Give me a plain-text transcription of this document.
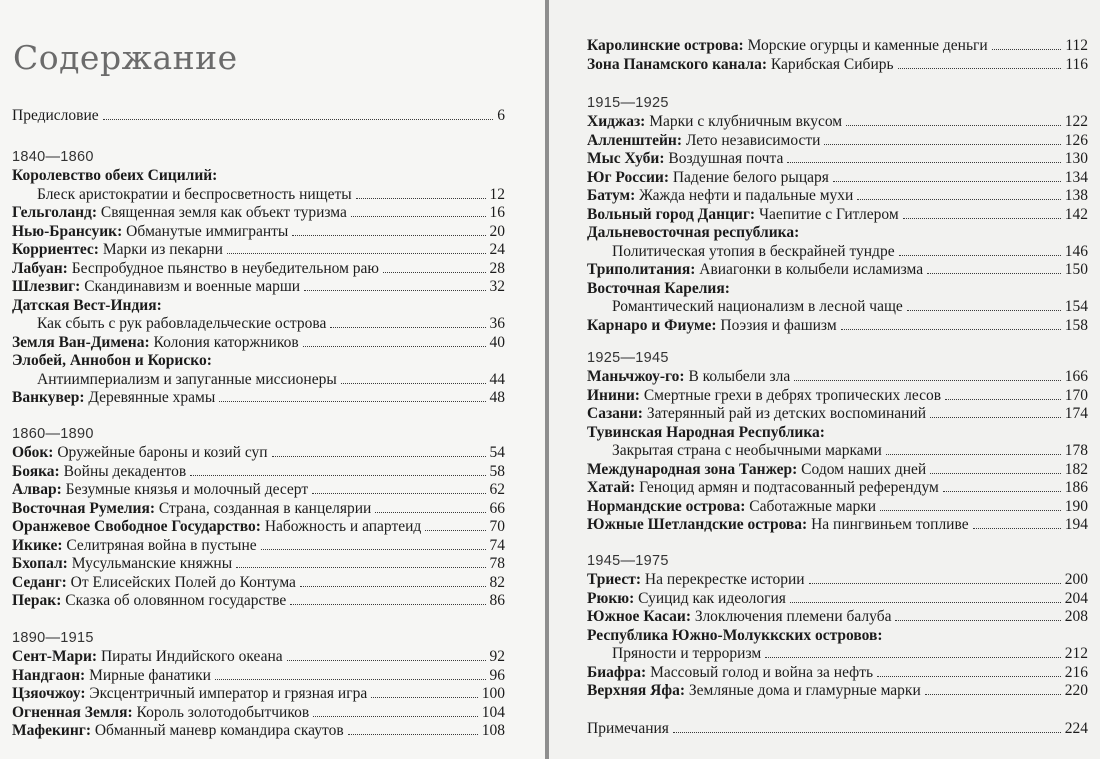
Содержание
Предисловие	6
1840—1860
Королевство обеих Сицилий:
Блеск аристократии и беспросветность нищеты	12
Гельголанд:
Священная земля как объект туризма	16
Нью-Брансуик:
Обманутые иммигранты	20
Корриентес:
Марки из пекарни	24
Лабуан:
Беспробудное пьянство в неубедительном раю	28
Шлезвиг:
Скандинавизм и военные марши	32
Датская Вест-Индия:
Как сбыть с рук рабовладельческие острова	36
Земля Ван-Димена:
Колония каторжников	40
Элобей, Аннобон и Кориско:
Антиимпериализм и запуганные миссионеры	44
Ванкувер:
Деревянные храмы	48
1860—1890
Обок:
Оружейные бароны и козий суп	54
Бояка:
Войны декадентов	58
Алвар:
Безумные князья и молочный десерт	62
Восточная Румелия:
Страна, созданная в канцелярии	66
Оранжевое Свободное Государство:
Набожность и апартеид	70
Икике:
Селитряная война в пустыне	74
Бхопал:
Мусульманские княжны	78
Седанг:
От Елисейских Полей до Контума	82
Перак:
Сказка об оловянном государстве	86
1890—1915
Сент-Мари:
Пираты Индийского океана	92
Нандгаон:
Мирные фанатики	96
Цзяочжоу:
Эксцентричный император и грязная игра	100
Огненная Земля:
Король золотодобытчиков	104
Мафекинг:
Обманный маневр командира скаутов	108
Каролинские острова:
Морские огурцы и каменные деньги	112
Зона Панамского канала:
Карибская Сибирь	116
1915—1925
Хиджаз:
Марки с клубничным вкусом	122
Алленштейн:
Лето независимости	126
Мыс Хуби:
Воздушная почта	130
Юг России:
Падение белого рыцаря	134
Батум:
Жажда нефти и падальные мухи	138
Вольный город Данциг:
Чаепитие с Гитлером	142
Дальневосточная республика:
Политическая утопия в бескрайней тундре	146
Триполитания:
Авиагонки в колыбели исламизма	150
Восточная Карелия:
Романтический национализм в лесной чаще	154
Карнаро и Фиуме:
Поэзия и фашизм	158
1925—1945
Маньчжоу-го:
В колыбели зла	166
Инини:
Смертные грехи в дебрях тропических лесов	170
Сазани:
Затерянный рай из детских воспоминаний	174
Тувинская Народная Республика:
Закрытая страна с необычными марками	178
Международная зона Танжер:
Содом наших дней	182
Хатай:
Геноцид армян и подтасованный референдум	186
Нормандские острова:
Саботажные марки	190
Южные Шетландские острова:
На пингвиньем топливе	194
1945—1975
Триест:
На перекрестке истории	200
Рюкю:
Суицид как идеология	204
Южное Касаи:
Злоключения племени балуба	208
Республика Южно-Молуккских островов:
Пряности и терроризм	212
Биафра:
Массовый голод и война за нефть	216
Верхняя Яфа:
Земляные дома и гламурные марки	220
Примечания	224
